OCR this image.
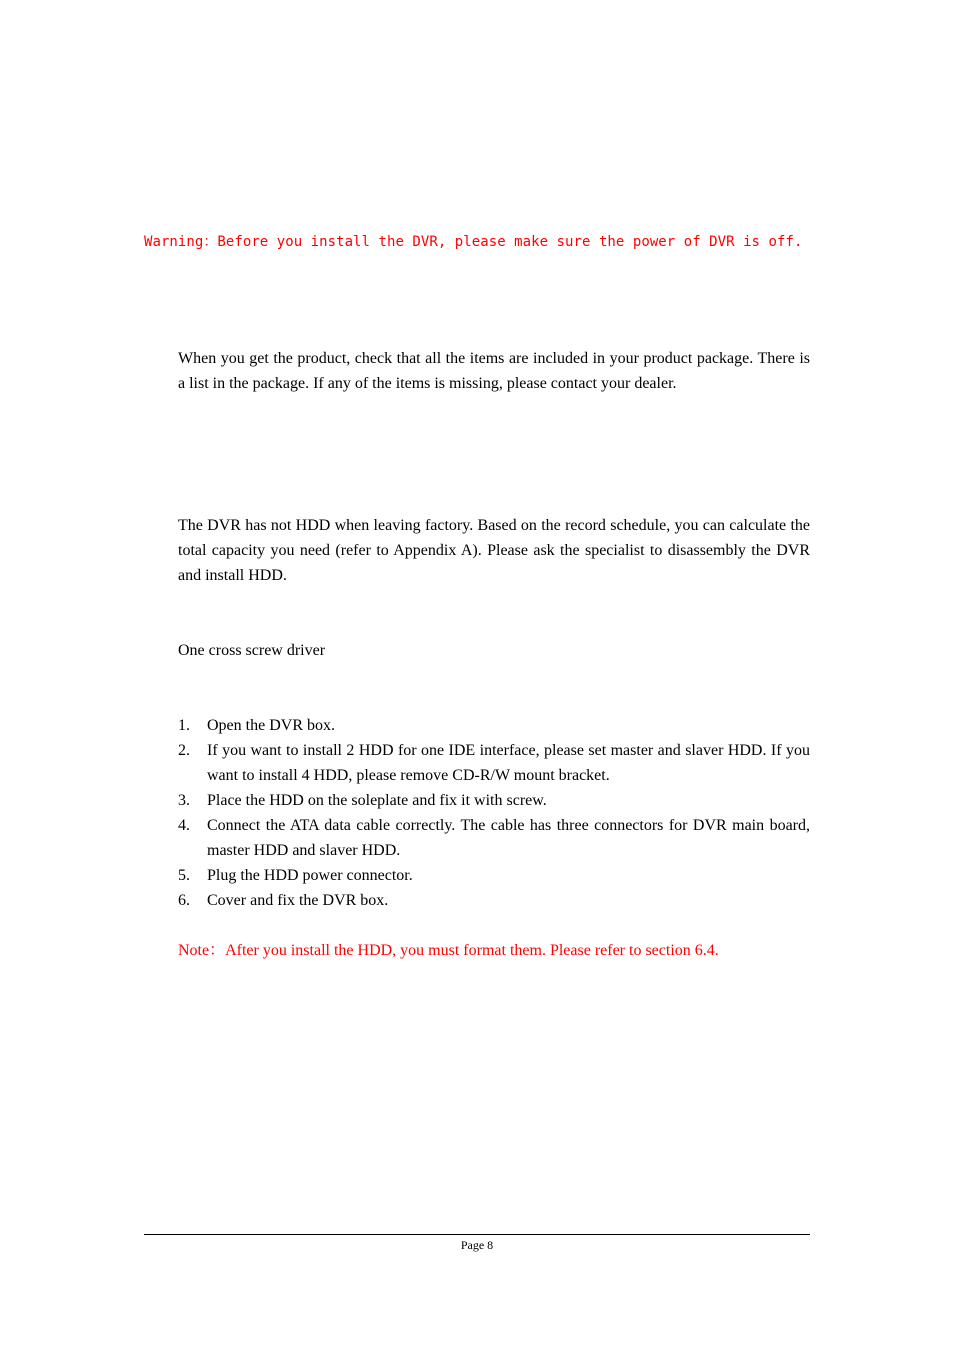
Warning：Before you install the DVR, please make sure the power of DVR is off.
When you get the product, check that all the items are included in your product package. There is a list in the package. If any of the items is missing, please contact your dealer.
The DVR has not HDD when leaving factory. Based on the record schedule, you can calculate the total capacity you need (refer to Appendix A). Please ask the specialist to disassembly the DVR and install HDD.
One cross screw driver
1. Open the DVR box.
2. If you want to install 2 HDD for one IDE interface, please set master and slaver HDD. If you want to install 4 HDD, please remove CD-R/W mount bracket.
3. Place the HDD on the soleplate and fix it with screw.
4. Connect the ATA data cable correctly. The cable has three connectors for DVR main board, master HDD and slaver HDD.
5. Plug the HDD power connector.
6. Cover and fix the DVR box.
Note：After you install the HDD, you must format them. Please refer to section 6.4.
Page 8
